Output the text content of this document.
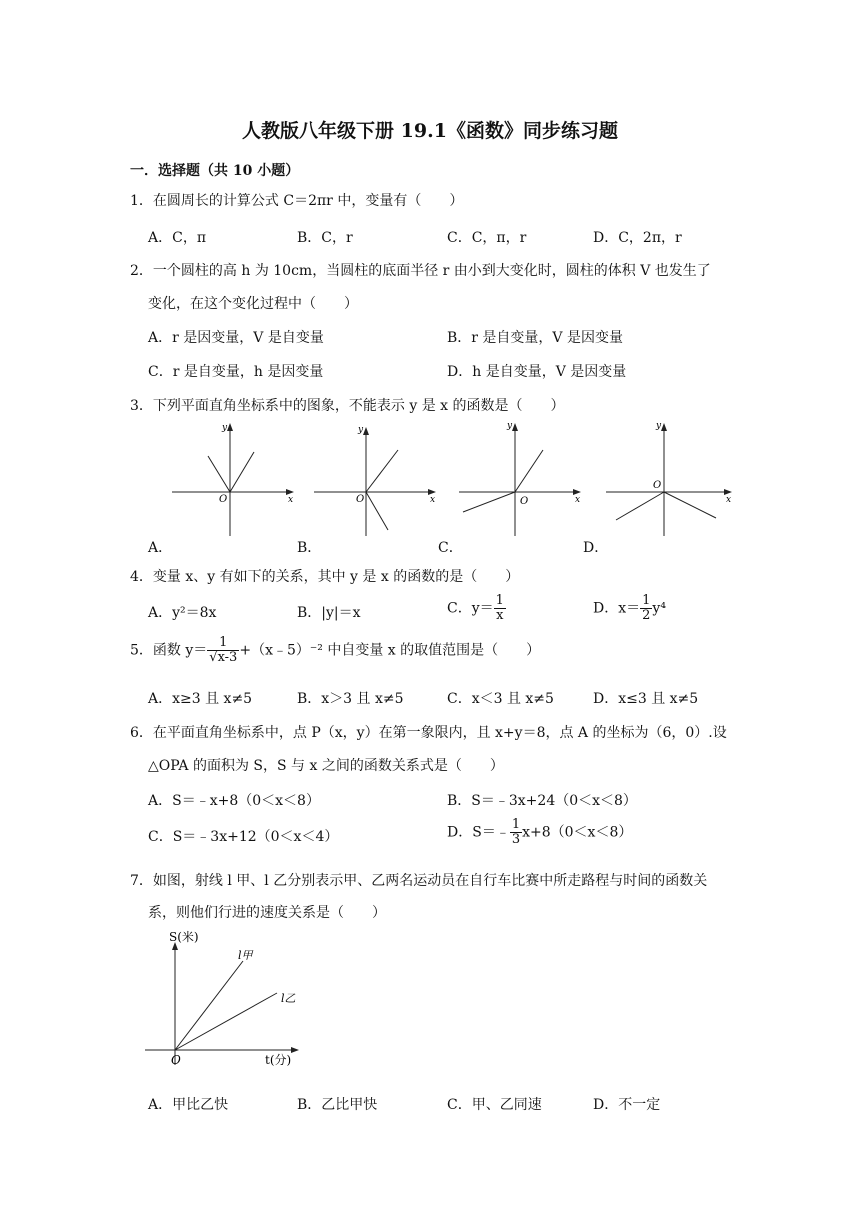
人教版八年级下册 19.1《函数》同步练习题
一．选择题（共 10 小题）
1．在圆周长的计算公式 C＝2πr 中，变量有（　　）
A．C，π	B．C，r	C．C，π，r	D．C，2π，r
2．一个圆柱的高 h 为 10cm，当圆柱的底面半径 r 由小到大变化时，圆柱的体积 V 也发生了
变化，在这个变化过程中（　　）
A．r 是因变量，V 是自变量	B．r 是自变量，V 是因变量
C．r 是自变量，h 是因变量	D．h 是自变量，V 是因变量
3．下列平面直角坐标系中的图象，不能表示 y 是 x 的函数是（　　）
y
x
O
y
x
O
y
x
O
y
x
O
A．	B．	C．	D．
4．变量 x、y 有如下的关系，其中 y 是 x 的函数的是（　　）
A．y²＝8x	B．|y|＝x	C．$y= \frac{1}{x}$	D．$x= \frac{1}{2} y^4$
5．函数 $y= \frac{1}{√x-3}$ +（x﹣5）⁻² 中自变量 x 的取值范围是（　　）
A．x≥3 且 x≠5	B．x＞3 且 x≠5	C．x＜3 且 x≠5	D．x≤3 且 x≠5
6．在平面直角坐标系中，点 P（x，y）在第一象限内，且 x+y＝8，点 A 的坐标为（6，0）.设
△OPA 的面积为 S，S 与 x 之间的函数关系式是（　　）
A．S＝﹣x+8（0＜x＜8）	B．S＝﹣3x+24（0＜x＜8）
C．S＝﹣3x+12（0＜x＜4）	D．S＝﹣ $\frac{1}{3} x+8(0<x<8)$
7．如图，射线 l 甲、l 乙分别表示甲、乙两名运动员在自行车比赛中所走路程与时间的函数关
系，则他们行进的速度关系是（　　）
S(米)
t(分)
O
l甲
l乙
A．甲比乙快	B．乙比甲快	C．甲、乙同速	D．不一定
